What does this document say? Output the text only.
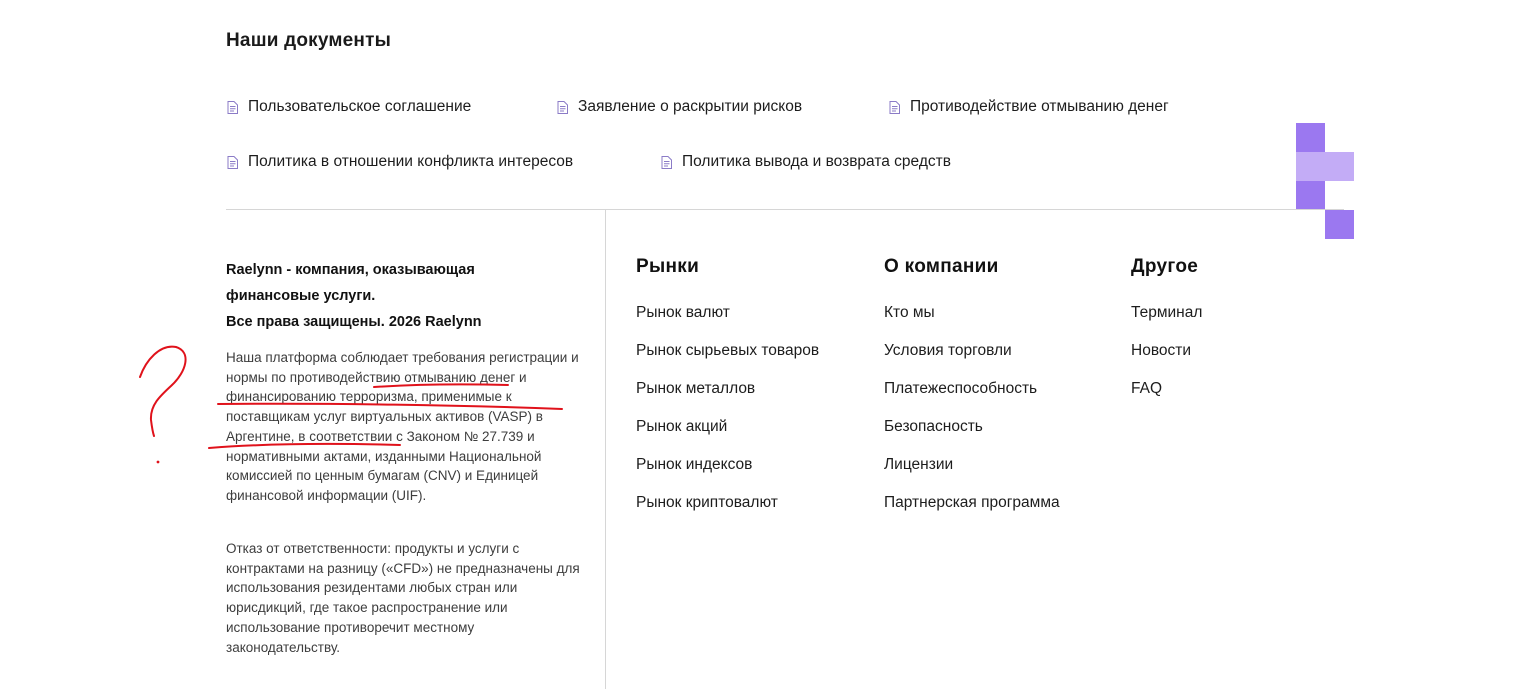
Наши документы
Пользовательское соглашение	Заявление о раскрытии рисков	Противодействие отмыванию денег
Политика в отношении конфликта интересов	Политика вывода и возврата средств
Raelynn - компания, оказывающая
финансовые услуги.
Все права защищены. 2026 Raelynn

Наша платформа соблюдает требования регистрации и нормы по противодействию отмыванию денег и финансированию терроризма, применимые к поставщикам услуг виртуальных активов (VASP) в Аргентине, в соответствии с Законом № 27.739 и нормативными актами, изданными Национальной комиссией по ценным бумагам (CNV) и Единицей финансовой информации (UIF).

Отказ от ответственности: продукты и услуги с контрактами на разницу («CFD») не предназначены для использования резидентами любых стран или юрисдикций, где такое распространение или использование противоречит местному законодательству.

Рынки
Рынок валют
Рынок сырьевых товаров
Рынок металлов
Рынок акций
Рынок индексов
Рынок криптовалют
О компании
Кто мы
Условия торговли
Платежеспособность
Безопасность
Лицензии
Партнерская программа
Другое
Терминал
Новости
FAQ
